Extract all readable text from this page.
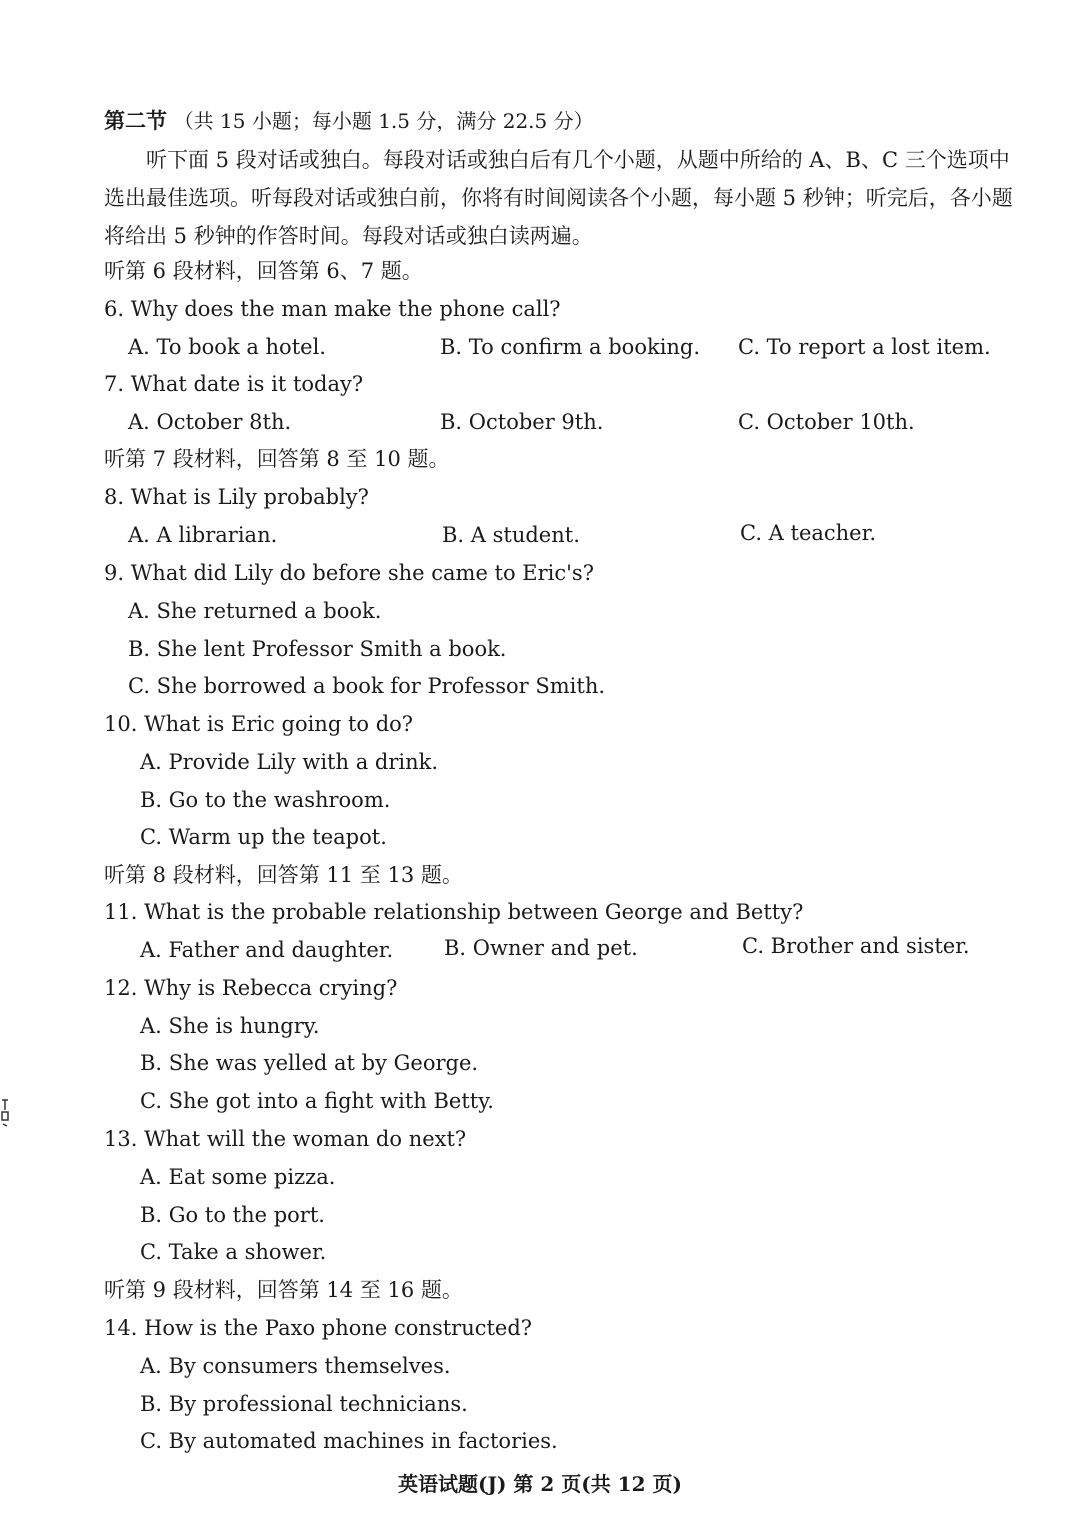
第二节 （共 15 小题；每小题 1.5 分，满分 22.5 分）
听下面 5 段对话或独白。每段对话或独白后有几个小题，从题中所给的 A、B、C 三个选项中选出最佳选项。听每段对话或独白前，你将有时间阅读各个小题，每小题 5 秒钟；听完后，各小题将给出 5 秒钟的作答时间。每段对话或独白读两遍。
听第 6 段材料，回答第 6、7 题。
6. Why does the man make the phone call?
A. To book a hotel.	B. To confirm a booking. C. To report a lost item.
7. What date is it today?
A. October 8th.	B. October 9th.	C. October 10th.
听第 7 段材料，回答第 8 至 10 题。
8. What is Lily probably?
A. A librarian.	B. A student.	C. A teacher.
9. What did Lily do before she came to Eric's?
A. She returned a book.
B. She lent Professor Smith a book.
C. She borrowed a book for Professor Smith.
10. What is Eric going to do?
A. Provide Lily with a drink.
B. Go to the washroom.
C. Warm up the teapot.
听第 8 段材料，回答第 11 至 13 题。
11. What is the probable relationship between George and Betty?
A. Father and daughter. B. Owner and pet.	C. Brother and sister.
12. Why is Rebecca crying?
A. She is hungry.
B. She was yelled at by George.
C. She got into a fight with Betty.
13. What will the woman do next?
A. Eat some pizza.
B. Go to the port.
C. Take a shower.
听第 9 段材料，回答第 14 至 16 题。
14. How is the Paxo phone constructed?
A. By consumers themselves.
B. By professional technicians.
C. By automated machines in factories.
英语试题(J) 第 2 页(共 12 页)
